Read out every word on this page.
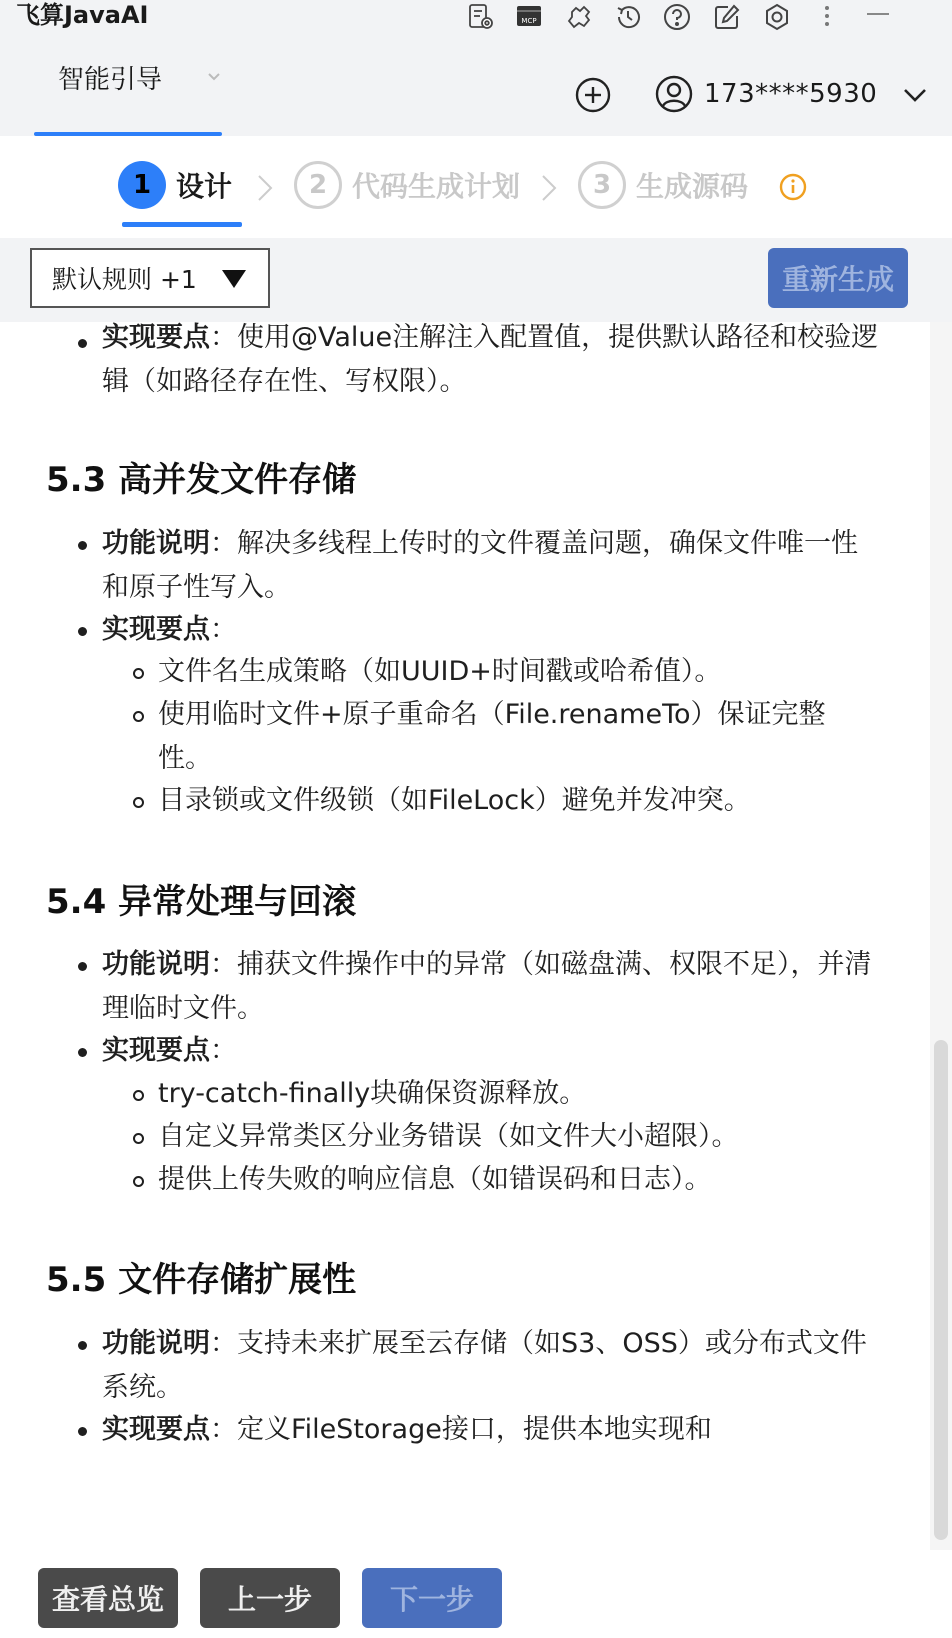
飞算JavaAI	MCP
智能引导	173****5930
1 设计	2 代码生成计划	3 生成源码
默认规则 +1	重新生成
实现要点：使用@Value注解注入配置值，提供默认路径和校验逻辑（如路径存在性、写权限）。
5.3 高并发文件存储
功能说明：解决多线程上传时的文件覆盖问题，确保文件唯一性和原子性写入。
实现要点：
文件名生成策略（如UUID+时间戳或哈希值）。
使用临时文件+原子重命名（File.renameTo）保证完整性。
目录锁或文件级锁（如FileLock）避免并发冲突。
5.4 异常处理与回滚
功能说明：捕获文件操作中的异常（如磁盘满、权限不足），并清理临时文件。
实现要点：
try-catch-finally块确保资源释放。
自定义异常类区分业务错误（如文件大小超限）。
提供上传失败的响应信息（如错误码和日志）。
5.5 文件存储扩展性
功能说明：支持未来扩展至云存储（如S3、OSS）或分布式文件系统。
实现要点：定义FileStorage接口，提供本地实现和
查看总览	上一步	下一步
